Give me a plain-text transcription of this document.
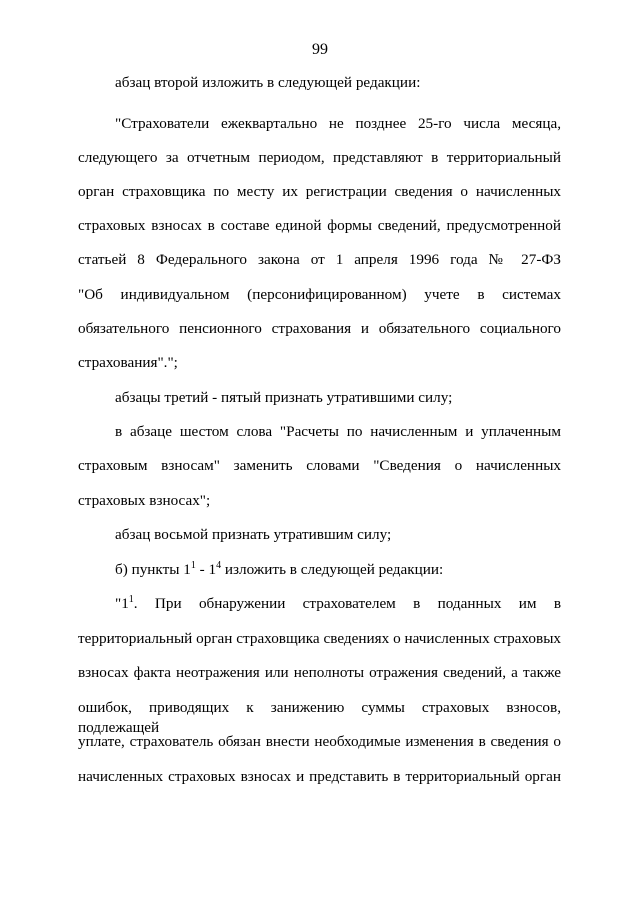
99
абзац второй изложить в следующей редакции:
"Страхователи ежеквартально не позднее 25-го числа месяца,
следующего за отчетным периодом, представляют в территориальный
орган страховщика по месту их регистрации сведения о начисленных
страховых взносах в составе единой формы сведений, предусмотренной
статьей 8 Федерального закона от 1 апреля 1996 года № 27-ФЗ
"Об индивидуальном (персонифицированном) учете в системах
обязательного пенсионного страхования и обязательного социального
страхования".";
абзацы третий - пятый признать утратившими силу;
в абзаце шестом слова "Расчеты по начисленным и уплаченным
страховым взносам" заменить словами "Сведения о начисленных
страховых взносах";
абзац восьмой признать утратившим силу;
б) пункты $1^1 - 1^4$ изложить в следующей редакции:
"$1^1$. При обнаружении страхователем в поданных им в
территориальный орган страховщика сведениях о начисленных страховых
взносах факта неотражения или неполноты отражения сведений, а также
ошибок, приводящих к занижению суммы страховых взносов, подлежащей
уплате, страхователь обязан внести необходимые изменения в сведения о
начисленных страховых взносах и представить в территориальный орган
